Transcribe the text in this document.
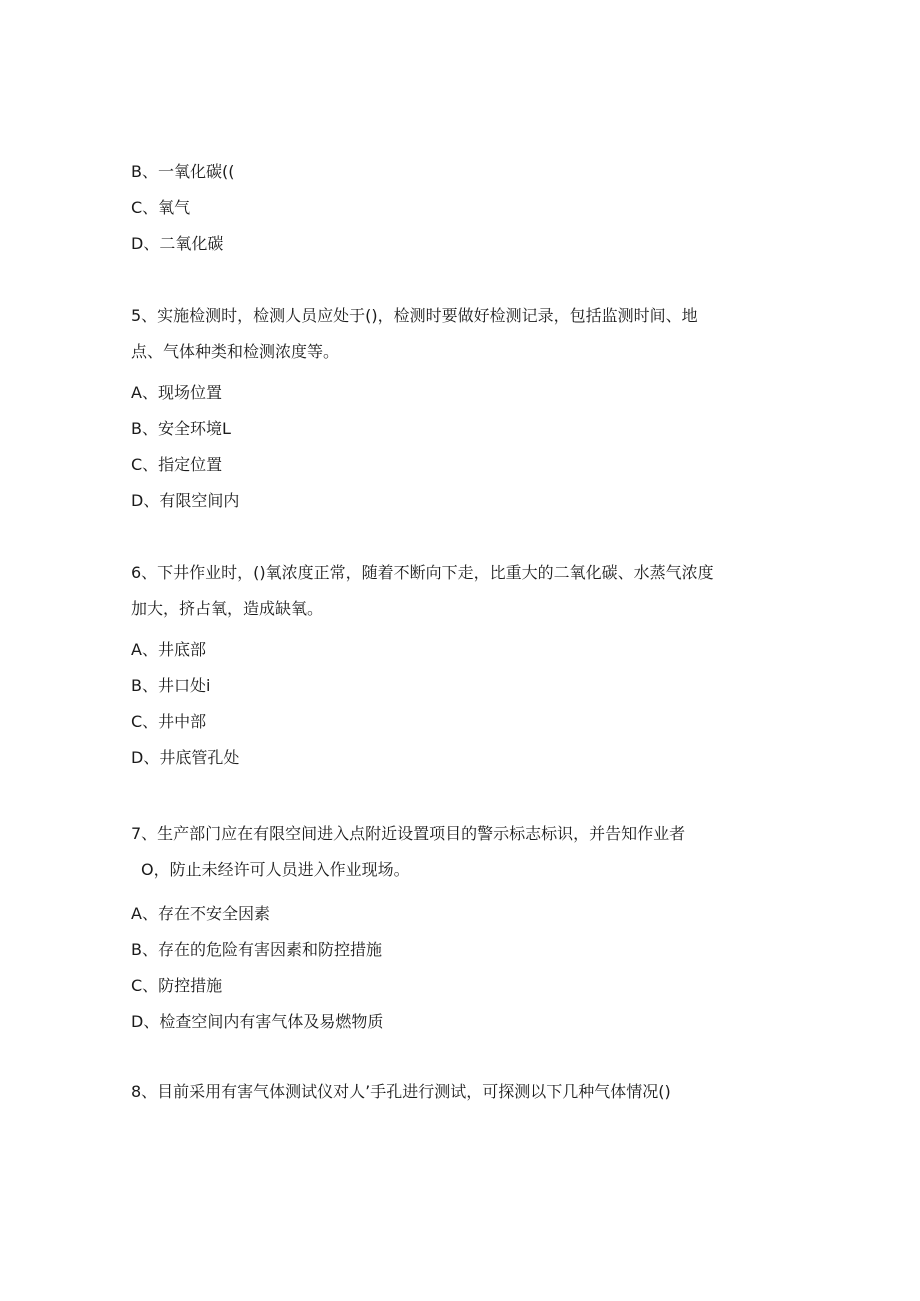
B、一氧化碳((
C、氧气
D、二氧化碳
5、实施检测时，检测人员应处于()，检测时要做好检测记录，包括监测时间、地
点、气体种类和检测浓度等。
A、现场位置
B、安全环境L
C、指定位置
D、有限空间内
6、下井作业时，()氧浓度正常，随着不断向下走，比重大的二氧化碳、水蒸气浓度
加大，挤占氧，造成缺氧。
A、井底部
B、井口处i
C、井中部
D、井底管孔处
7、生产部门应在有限空间进入点附近设置项目的警示标志标识，并告知作业者
O，防止未经许可人员进入作业现场。
A、存在不安全因素
B、存在的危险有害因素和防控措施
C、防控措施
D、检查空间内有害气体及易燃物质
8、目前采用有害气体测试仪对人’手孔进行测试，可探测以下几种气体情况()
